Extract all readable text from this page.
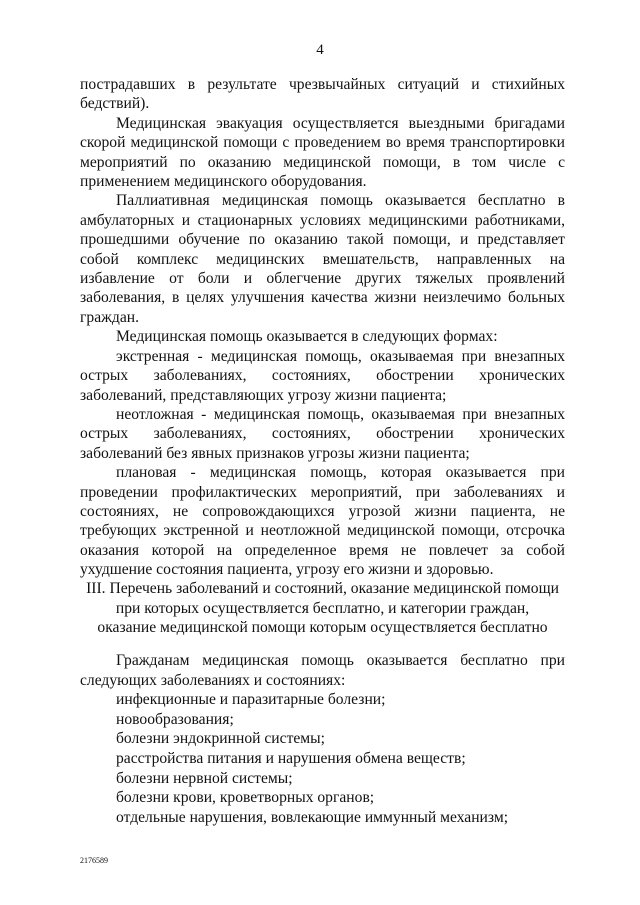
4

пострадавших в результате чрезвычайных ситуаций и стихийных бедствий).

Медицинская эвакуация осуществляется выездными бригадами скорой медицинской помощи с проведением во время транспортировки мероприятий по оказанию медицинской помощи, в том числе с применением медицинского оборудования.

Паллиативная медицинская помощь оказывается бесплатно в амбулаторных и стационарных условиях медицинскими работниками, прошедшими обучение по оказанию такой помощи, и представляет собой комплекс медицинских вмешательств, направленных на избавление от боли и облегчение других тяжелых проявлений заболевания, в целях улучшения качества жизни неизлечимо больных граждан.

Медицинская помощь оказывается в следующих формах:

экстренная - медицинская помощь, оказываемая при внезапных острых заболеваниях, состояниях, обострении хронических заболеваний, представляющих угрозу жизни пациента;

неотложная - медицинская помощь, оказываемая при внезапных острых заболеваниях, состояниях, обострении хронических заболеваний без явных признаков угрозы жизни пациента;

плановая - медицинская помощь, которая оказывается при проведении профилактических мероприятий, при заболеваниях и состояниях, не сопровождающихся угрозой жизни пациента, не требующих экстренной и неотложной медицинской помощи, отсрочка оказания которой на определенное время не повлечет за собой ухудшение состояния пациента, угрозу его жизни и здоровью.

III. Перечень заболеваний и состояний, оказание медицинской помощи
при которых осуществляется бесплатно, и категории граждан,
оказание медицинской помощи которым осуществляется бесплатно

Гражданам медицинская помощь оказывается бесплатно при следующих заболеваниях и состояниях:

инфекционные и паразитарные болезни;

новообразования;

болезни эндокринной системы;

расстройства питания и нарушения обмена веществ;

болезни нервной системы;

болезни крови, кроветворных органов;

отдельные нарушения, вовлекающие иммунный механизм;

2176589
